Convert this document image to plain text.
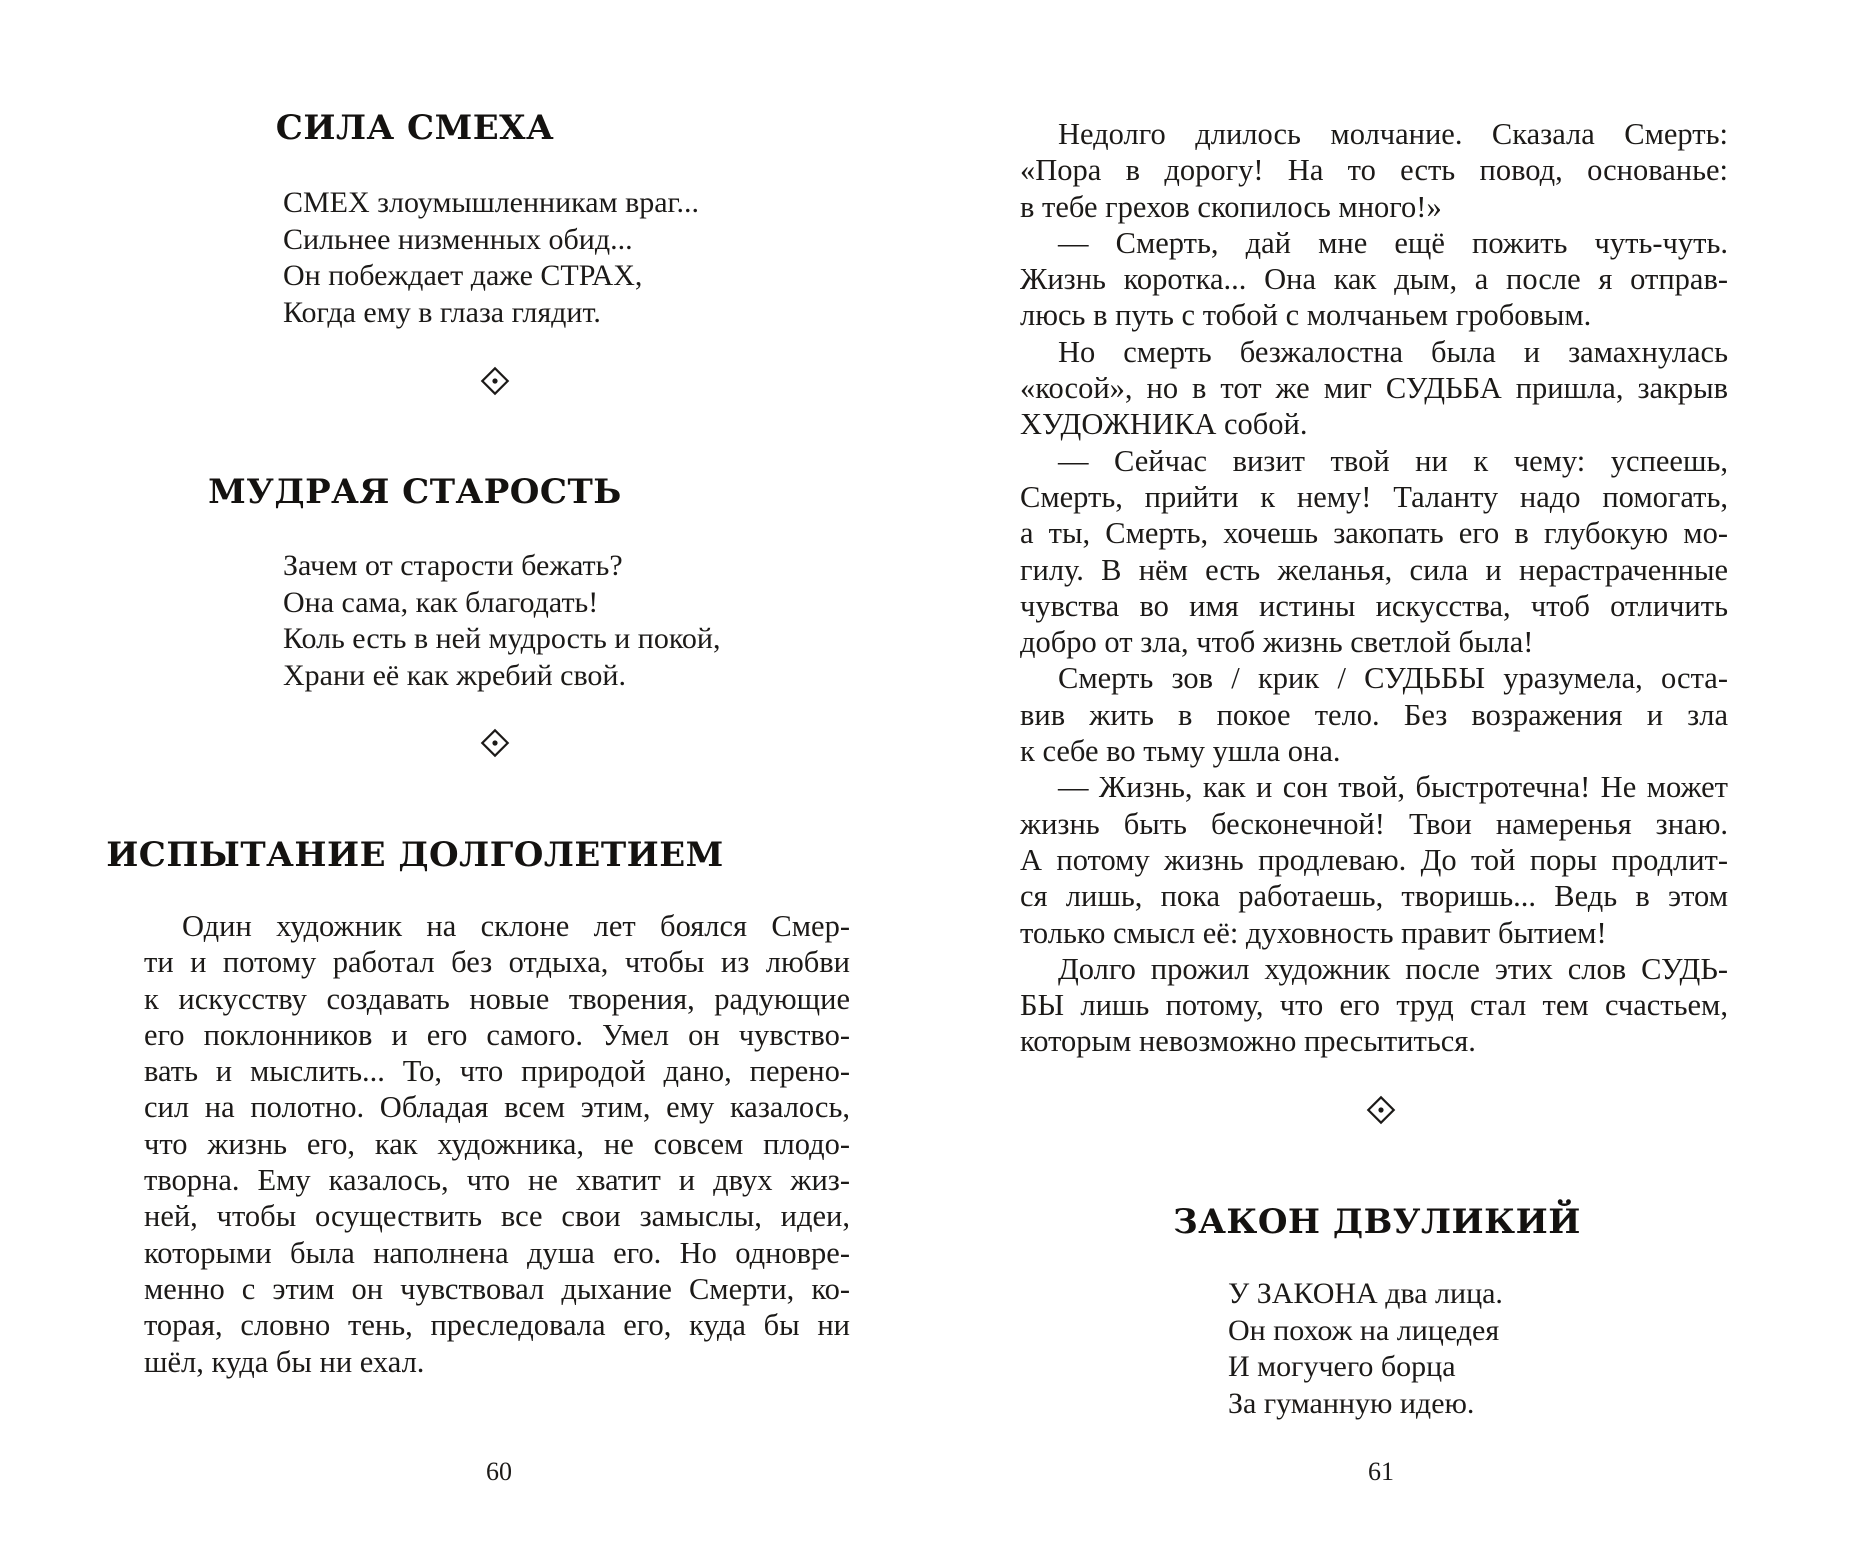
СИЛА СМЕХА
СМЕХ злоумышленникам враг...
Сильнее низменных обид...
Он побеждает даже СТРАХ,
Когда ему в глаза глядит.
МУДРАЯ СТАРОСТЬ
Зачем от старости бежать?
Она сама, как благодать!
Коль есть в ней мудрость и покой,
Храни её как жребий свой.
ИСПЫТАНИЕ ДОЛГОЛЕТИЕМ
Один художник на склоне лет боялся Смер-
ти и потому работал без отдыха, чтобы из любви
к искусству создавать новые творения, радующие
его поклонников и его самого. Умел он чувство-
вать и мыслить... То, что природой дано, перено-
сил на полотно. Обладая всем этим, ему казалось,
что жизнь его, как художника, не совсем плодо-
творна. Ему казалось, что не хватит и двух жиз-
ней, чтобы осуществить все свои замыслы, идеи,
которыми была наполнена душа его. Но одновре-
менно с этим он чувствовал дыхание Смерти, ко-
торая, словно тень, преследовала его, куда бы ни
шёл, куда бы ни ехал.
60
Недолго длилось молчание. Сказала Смерть:
«Пора в дорогу! На то есть повод, основанье:
в тебе грехов скопилось много!»
— Смерть, дай мне ещё пожить чуть-чуть.
Жизнь коротка... Она как дым, а после я отправ-
люсь в путь с тобой с молчаньем гробовым.
Но смерть безжалостна была и замахнулась
«косой», но в тот же миг СУДЬБА пришла, закрыв
ХУДОЖНИКА собой.
— Сейчас визит твой ни к чему: успеешь,
Смерть, прийти к нему! Таланту надо помогать,
а ты, Смерть, хочешь закопать его в глубокую мо-
гилу. В нём есть желанья, сила и нерастраченные
чувства во имя истины искусства, чтоб отличить
добро от зла, чтоб жизнь светлой была!
Смерть зов / крик / СУДЬБЫ уразумела, оста-
вив жить в покое тело. Без возражения и зла
к себе во тьму ушла она.
— Жизнь, как и сон твой, быстротечна! Не может
жизнь быть бесконечной! Твои намеренья знаю.
А потому жизнь продлеваю. До той поры продлит-
ся лишь, пока работаешь, творишь... Ведь в этом
только смысл её: духовность правит бытием!
Долго прожил художник после этих слов СУДЬ-
БЫ лишь потому, что его труд стал тем счастьем,
которым невозможно пресытиться.
ЗАКОН ДВУЛИКИЙ
У ЗАКОНА два лица.
Он похож на лицедея
И могучего борца
За гуманную идею.
61
